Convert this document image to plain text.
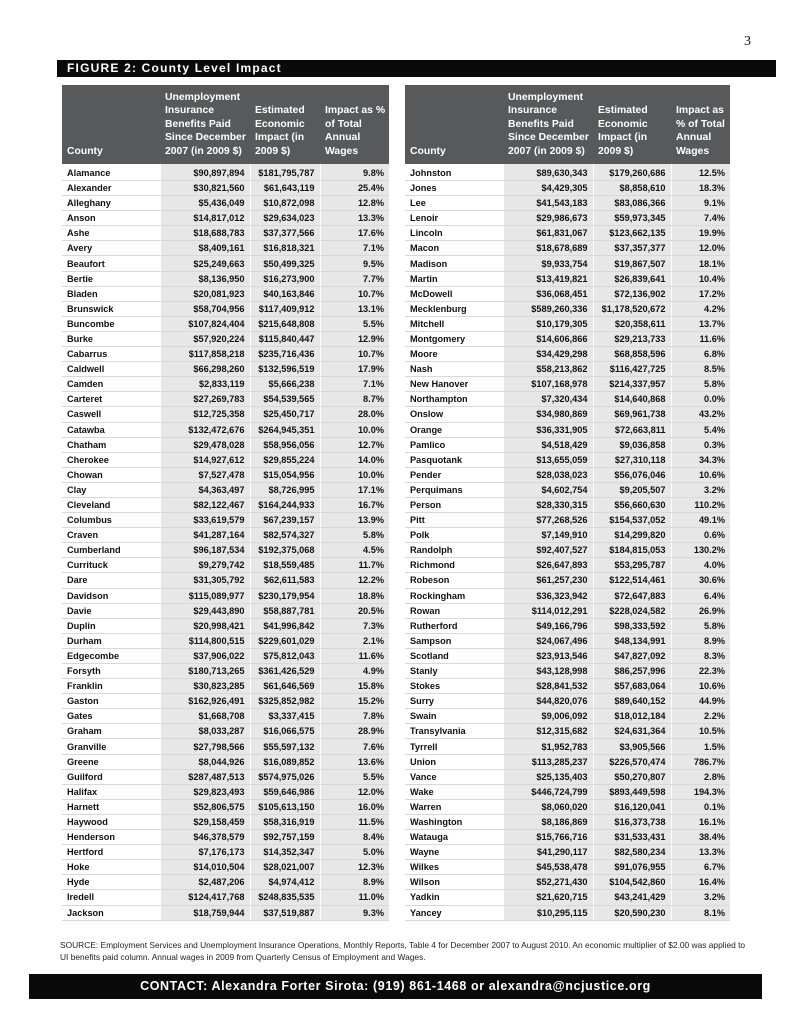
3
FIGURE 2: County Level Impact
County	Unemployment Insurance Benefits Paid Since December 2007 (in 2009 $)	Estimated Economic Impact (in 2009 $)	Impact as % of Total Annual Wages
Alamance	$90,897,894	$181,795,787	9.8%
Alexander	$30,821,560	$61,643,119	25.4%
Alleghany	$5,436,049	$10,872,098	12.8%
Anson	$14,817,012	$29,634,023	13.3%
Ashe	$18,688,783	$37,377,566	17.6%
Avery	$8,409,161	$16,818,321	7.1%
Beaufort	$25,249,663	$50,499,325	9.5%
Bertie	$8,136,950	$16,273,900	7.7%
Bladen	$20,081,923	$40,163,846	10.7%
Brunswick	$58,704,956	$117,409,912	13.1%
Buncombe	$107,824,404	$215,648,808	5.5%
Burke	$57,920,224	$115,840,447	12.9%
Cabarrus	$117,858,218	$235,716,436	10.7%
Caldwell	$66,298,260	$132,596,519	17.9%
Camden	$2,833,119	$5,666,238	7.1%
Carteret	$27,269,783	$54,539,565	8.7%
Caswell	$12,725,358	$25,450,717	28.0%
Catawba	$132,472,676	$264,945,351	10.0%
Chatham	$29,478,028	$58,956,056	12.7%
Cherokee	$14,927,612	$29,855,224	14.0%
Chowan	$7,527,478	$15,054,956	10.0%
Clay	$4,363,497	$8,726,995	17.1%
Cleveland	$82,122,467	$164,244,933	16.7%
Columbus	$33,619,579	$67,239,157	13.9%
Craven	$41,287,164	$82,574,327	5.8%
Cumberland	$96,187,534	$192,375,068	4.5%
Currituck	$9,279,742	$18,559,485	11.7%
Dare	$31,305,792	$62,611,583	12.2%
Davidson	$115,089,977	$230,179,954	18.8%
Davie	$29,443,890	$58,887,781	20.5%
Duplin	$20,998,421	$41,996,842	7.3%
Durham	$114,800,515	$229,601,029	2.1%
Edgecombe	$37,906,022	$75,812,043	11.6%
Forsyth	$180,713,265	$361,426,529	4.9%
Franklin	$30,823,285	$61,646,569	15.8%
Gaston	$162,926,491	$325,852,982	15.2%
Gates	$1,668,708	$3,337,415	7.8%
Graham	$8,033,287	$16,066,575	28.9%
Granville	$27,798,566	$55,597,132	7.6%
Greene	$8,044,926	$16,089,852	13.6%
Guilford	$287,487,513	$574,975,026	5.5%
Halifax	$29,823,493	$59,646,986	12.0%
Harnett	$52,806,575	$105,613,150	16.0%
Haywood	$29,158,459	$58,316,919	11.5%
Henderson	$46,378,579	$92,757,159	8.4%
Hertford	$7,176,173	$14,352,347	5.0%
Hoke	$14,010,504	$28,021,007	12.3%
Hyde	$2,487,206	$4,974,412	8.9%
Iredell	$124,417,768	$248,835,535	11.0%
Jackson	$18,759,944	$37,519,887	9.3%
County	Unemployment Insurance Benefits Paid Since December 2007 (in 2009 $)	Estimated Economic Impact (in 2009 $)	Impact as % of Total Annual Wages
Johnston	$89,630,343	$179,260,686	12.5%
Jones	$4,429,305	$8,858,610	18.3%
Lee	$41,543,183	$83,086,366	9.1%
Lenoir	$29,986,673	$59,973,345	7.4%
Lincoln	$61,831,067	$123,662,135	19.9%
Macon	$18,678,689	$37,357,377	12.0%
Madison	$9,933,754	$19,867,507	18.1%
Martin	$13,419,821	$26,839,641	10.4%
McDowell	$36,068,451	$72,136,902	17.2%
Mecklenburg	$589,260,336	$1,178,520,672	4.2%
Mitchell	$10,179,305	$20,358,611	13.7%
Montgomery	$14,606,866	$29,213,733	11.6%
Moore	$34,429,298	$68,858,596	6.8%
Nash	$58,213,862	$116,427,725	8.5%
New Hanover	$107,168,978	$214,337,957	5.8%
Northampton	$7,320,434	$14,640,868	0.0%
Onslow	$34,980,869	$69,961,738	43.2%
Orange	$36,331,905	$72,663,811	5.4%
Pamlico	$4,518,429	$9,036,858	0.3%
Pasquotank	$13,655,059	$27,310,118	34.3%
Pender	$28,038,023	$56,076,046	10.6%
Perquimans	$4,602,754	$9,205,507	3.2%
Person	$28,330,315	$56,660,630	110.2%
Pitt	$77,268,526	$154,537,052	49.1%
Polk	$7,149,910	$14,299,820	0.6%
Randolph	$92,407,527	$184,815,053	130.2%
Richmond	$26,647,893	$53,295,787	4.0%
Robeson	$61,257,230	$122,514,461	30.6%
Rockingham	$36,323,942	$72,647,883	6.4%
Rowan	$114,012,291	$228,024,582	26.9%
Rutherford	$49,166,796	$98,333,592	5.8%
Sampson	$24,067,496	$48,134,991	8.9%
Scotland	$23,913,546	$47,827,092	8.3%
Stanly	$43,128,998	$86,257,996	22.3%
Stokes	$28,841,532	$57,683,064	10.6%
Surry	$44,820,076	$89,640,152	44.9%
Swain	$9,006,092	$18,012,184	2.2%
Transylvania	$12,315,682	$24,631,364	10.5%
Tyrrell	$1,952,783	$3,905,566	1.5%
Union	$113,285,237	$226,570,474	786.7%
Vance	$25,135,403	$50,270,807	2.8%
Wake	$446,724,799	$893,449,598	194.3%
Warren	$8,060,020	$16,120,041	0.1%
Washington	$8,186,869	$16,373,738	16.1%
Watauga	$15,766,716	$31,533,431	38.4%
Wayne	$41,290,117	$82,580,234	13.3%
Wilkes	$45,538,478	$91,076,955	6.7%
Wilson	$52,271,430	$104,542,860	16.4%
Yadkin	$21,620,715	$43,241,429	3.2%
Yancey	$10,295,115	$20,590,230	8.1%
SOURCE: Employment Services and Unemployment Insurance Operations, Monthly Reports, Table 4 for December 2007 to August 2010. An economic multiplier of $2.00 was applied to UI benefits paid column. Annual wages in 2009 from Quarterly Census of Employment and Wages.
CONTACT: Alexandra Forter Sirota: (919) 861-1468 or alexandra@ncjustice.org
